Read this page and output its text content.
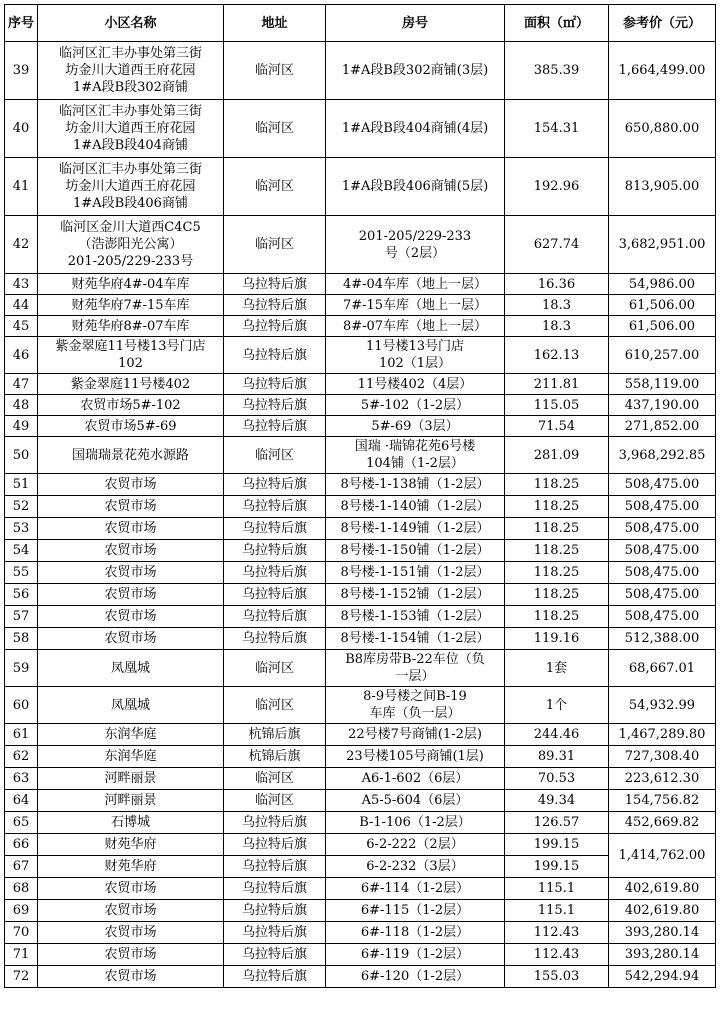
序号	小区名称	地址	房号	面积（㎡）	参考价（元）
39	临河区汇丰办事处第三街
坊金川大道西王府花园
1#A段B段302商铺	临河区	1#A段B段302商铺(3层)	385.39	1,664,499.00
40	临河区汇丰办事处第三街
坊金川大道西王府花园
1#A段B段404商铺	临河区	1#A段B段404商铺(4层)	154.31	650,880.00
41	临河区汇丰办事处第三街
坊金川大道西王府花园
1#A段B段406商铺	临河区	1#A段B段406商铺(5层)	192.96	813,905.00
42	临河区金川大道西C4C5
（浩澎阳光公寓）
201-205/229-233号	临河区	201-205/229-233
号（2层）	627.74	3,682,951.00
43	财苑华府4#-04车库	乌拉特后旗	4#-04车库（地上一层）	16.36	54,986.00
44	财苑华府7#-15车库	乌拉特后旗	7#-15车库（地上一层）	18.3	61,506.00
45	财苑华府8#-07车库	乌拉特后旗	8#-07车库（地上一层）	18.3	61,506.00
46	紫金翠庭11号楼13号门店
102	乌拉特后旗	11号楼13号门店
102（1层）	162.13	610,257.00
47	紫金翠庭11号楼402	乌拉特后旗	11号楼402（4层）	211.81	558,119.00
48	农贸市场5#-102	乌拉特后旗	5#-102（1-2层）	115.05	437,190.00
49	农贸市场5#-69	乌拉特后旗	5#-69（3层）	71.54	271,852.00
50	国瑞瑞景花苑水源路	临河区	国瑞 ·瑞锦花苑6号楼
104铺（1-2层）	281.09	3,968,292.85
51	农贸市场	乌拉特后旗	8号楼-1-138铺（1-2层）	118.25	508,475.00
52	农贸市场	乌拉特后旗	8号楼-1-140铺（1-2层）	118.25	508,475.00
53	农贸市场	乌拉特后旗	8号楼-1-149铺（1-2层）	118.25	508,475.00
54	农贸市场	乌拉特后旗	8号楼-1-150铺（1-2层）	118.25	508,475.00
55	农贸市场	乌拉特后旗	8号楼-1-151铺（1-2层）	118.25	508,475.00
56	农贸市场	乌拉特后旗	8号楼-1-152铺（1-2层）	118.25	508,475.00
57	农贸市场	乌拉特后旗	8号楼-1-153铺（1-2层）	118.25	508,475.00
58	农贸市场	乌拉特后旗	8号楼-1-154铺（1-2层）	119.16	512,388.00
59	凤凰城	临河区	B8库房带B-22车位（负
一层）	1套	68,667.01
60	凤凰城	临河区	8-9号楼之间B-19
车库（负一层）	1个	54,932.99
61	东润华庭	杭锦后旗	22号楼7号商铺(1-2层)	244.46	1,467,289.80
62	东润华庭	杭锦后旗	23号楼105号商铺(1层)	89.31	727,308.40
63	河畔丽景	临河区	A6-1-602（6层）	70.53	223,612.30
64	河畔丽景	临河区	A5-5-604（6层）	49.34	154,756.82
65	石博城	乌拉特后旗	B-1-106（1-2层）	126.57	452,669.82
66	财苑华府	乌拉特后旗	6-2-222（2层）	199.15	1,414,762.00
67	财苑华府	乌拉特后旗	6-2-232（3层）	199.15	
68	农贸市场	乌拉特后旗	6#-114（1-2层）	115.1	402,619.80
69	农贸市场	乌拉特后旗	6#-115（1-2层）	115.1	402,619.80
70	农贸市场	乌拉特后旗	6#-118（1-2层）	112.43	393,280.14
71	农贸市场	乌拉特后旗	6#-119（1-2层）	112.43	393,280.14
72	农贸市场	乌拉特后旗	6#-120（1-2层）	155.03	542,294.94
